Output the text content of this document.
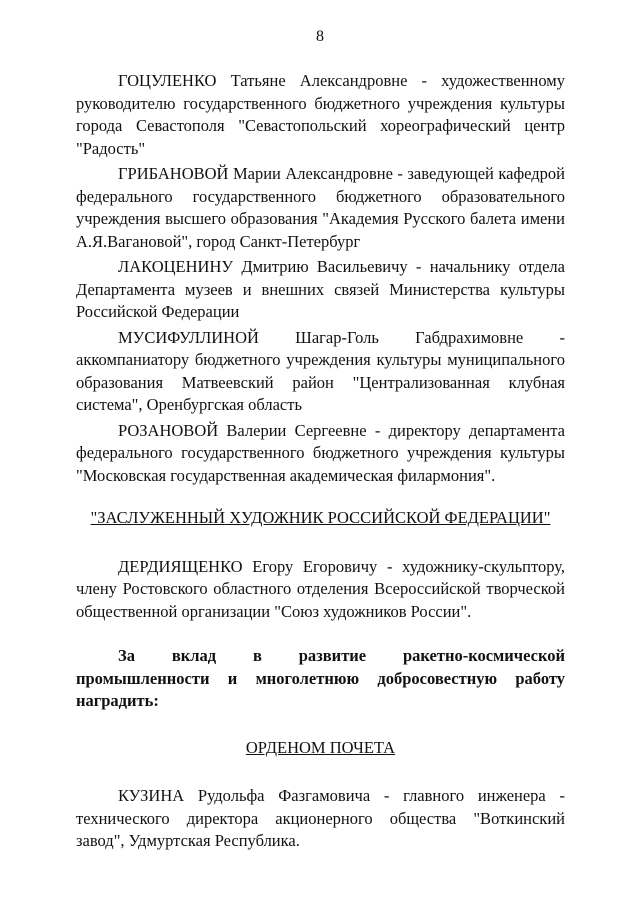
8

ГОЦУЛЕНКО Татьяне Александровне - художественному руководителю государственного бюджетного учреждения культуры города Севастополя "Севастопольский хореографический центр "Радость"

ГРИБАНОВОЙ Марии Александровне - заведующей кафедрой федерального государственного бюджетного образовательного учреждения высшего образования "Академия Русского балета имени А.Я.Вагановой", город Санкт-Петербург

ЛАКОЦЕНИНУ Дмитрию Васильевичу - начальнику отдела Департамента музеев и внешних связей Министерства культуры Российской Федерации

МУСИФУЛЛИНОЙ Шагар-Голь Габдрахимовне - аккомпаниатору бюджетного учреждения культуры муниципального образования Матвеевский район "Централизованная клубная система", Оренбургская область

РОЗАНОВОЙ Валерии Сергеевне - директору департамента федерального государственного бюджетного учреждения культуры "Московская государственная академическая филармония".

"ЗАСЛУЖЕННЫЙ ХУДОЖНИК РОССИЙСКОЙ ФЕДЕРАЦИИ"

ДЕРДИЯЩЕНКО Егору Егоровичу - художнику-скульптору, члену Ростовского областного отделения Всероссийской творческой общественной организации "Союз художников России".

За вклад в развитие ракетно-космической промышленности и многолетнюю добросовестную работу наградить:

ОРДЕНОМ ПОЧЕТА

КУЗИНА Рудольфа Фазгамовича - главного инженера - технического директора акционерного общества "Воткинский завод", Удмуртская Республика.
